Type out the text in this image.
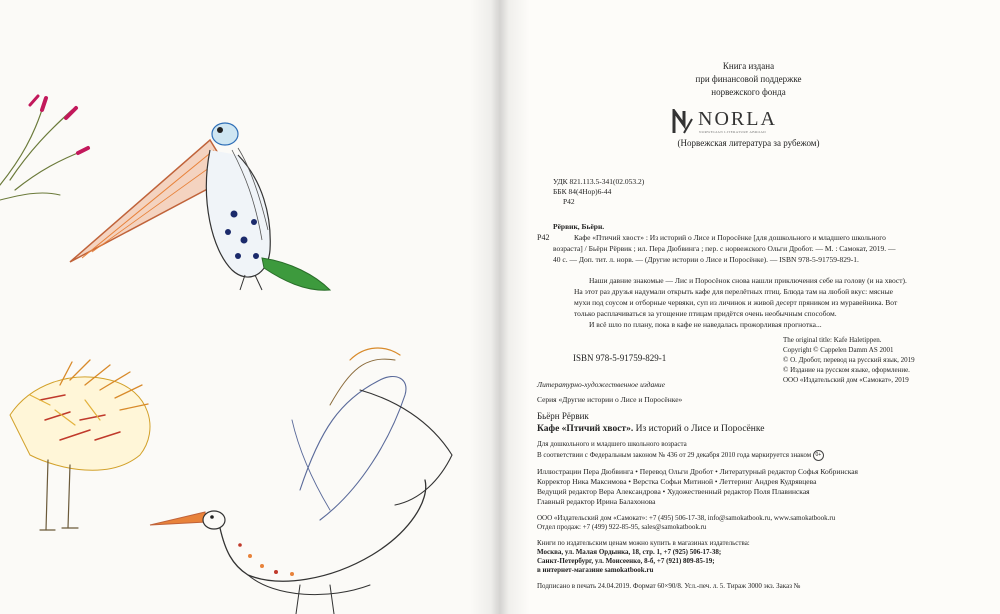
Книга издана
при финансовой поддержке
норвежского фонда
NORLA
NORWEGIAN LITERATURE ABROAD
(Норвежская литература за рубежом)
УДК 821.113.5-341(02.053.2)
ББК 84(4Нор)6-44
Р42
Рёрвик, Бьёрн.
Р42	Кафе «Птичий хвост» : Из историй о Лисе и Поросёнке [для дошкольного и младшего школьного
возраста] / Бьёрн Рёрвик ; ил. Пера Дюбвинга ; пер. с норвежского Ольги Дробот. — М. : Самокат, 2019. —
40 с. — Доп. тит. л. норв. — (Другие истории о Лисе и Поросёнке). — ISBN 978-5-91759-829-1.
Наши давние знакомые — Лис и Поросёнок снова нашли приключения себе на голову (и на хвост).
На этот раз друзья надумали открыть кафе для перелётных птиц. Блюда там на любой вкус: мясные
мухи под соусом и отборные червяки, суп из личинок и живой десерт пряником из муравейника. Вот
только расплачиваться за угощение птицам придётся очень необычным способом.
И всё шло по плану, пока в кафе не наведалась прожорливая прогнотка...
The original title: Kafe Haletippen.
Copyright © Cappelen Damm AS 2001
© О. Дробот, перевод на русский язык, 2019
© Издание на русском языке, оформление.
ООО «Издательский дом «Самокат», 2019
ISBN 978-5-91759-829-1
Литературно-художественное издание
Серия «Другие истории о Лисе и Поросёнке»
Бьёрн Рёрвик
Кафе «Птичий хвост». Из историй о Лисе и Поросёнке
Для дошкольного и младшего школьного возраста
В соответствии с Федеральным законом № 436 от 29 декабря 2010 года маркируется знаком 0+
Иллюстрации Пера Дюбвинга • Перевод Ольги Дробот • Литературный редактор Софья Кобринская
Корректор Ника Максимова • Верстка Софьи Митиной • Леттеринг Андрея Кудрявцева
Ведущий редактор Вера Александрова • Художественный редактор Поля Плавинская
Главный редактор Ирина Балахонова
ООО «Издательский дом «Самокат»: +7 (495) 506-17-38, info@samokatbook.ru, www.samokatbook.ru
Отдел продаж: +7 (499) 922-85-95, sales@samokatbook.ru
Книги по издательским ценам можно купить в магазинах издательства:
Москва, ул. Малая Ордынка, 18, стр. 1, +7 (925) 506-17-38;
Санкт-Петербург, ул. Моисеенко, 8-б, +7 (921) 809-85-19;
в интернет-магазине samokatbook.ru
Подписано в печать 24.04.2019. Формат 60×90/8. Усл.-печ. л. 5. Тираж 3000 экз. Заказ №
